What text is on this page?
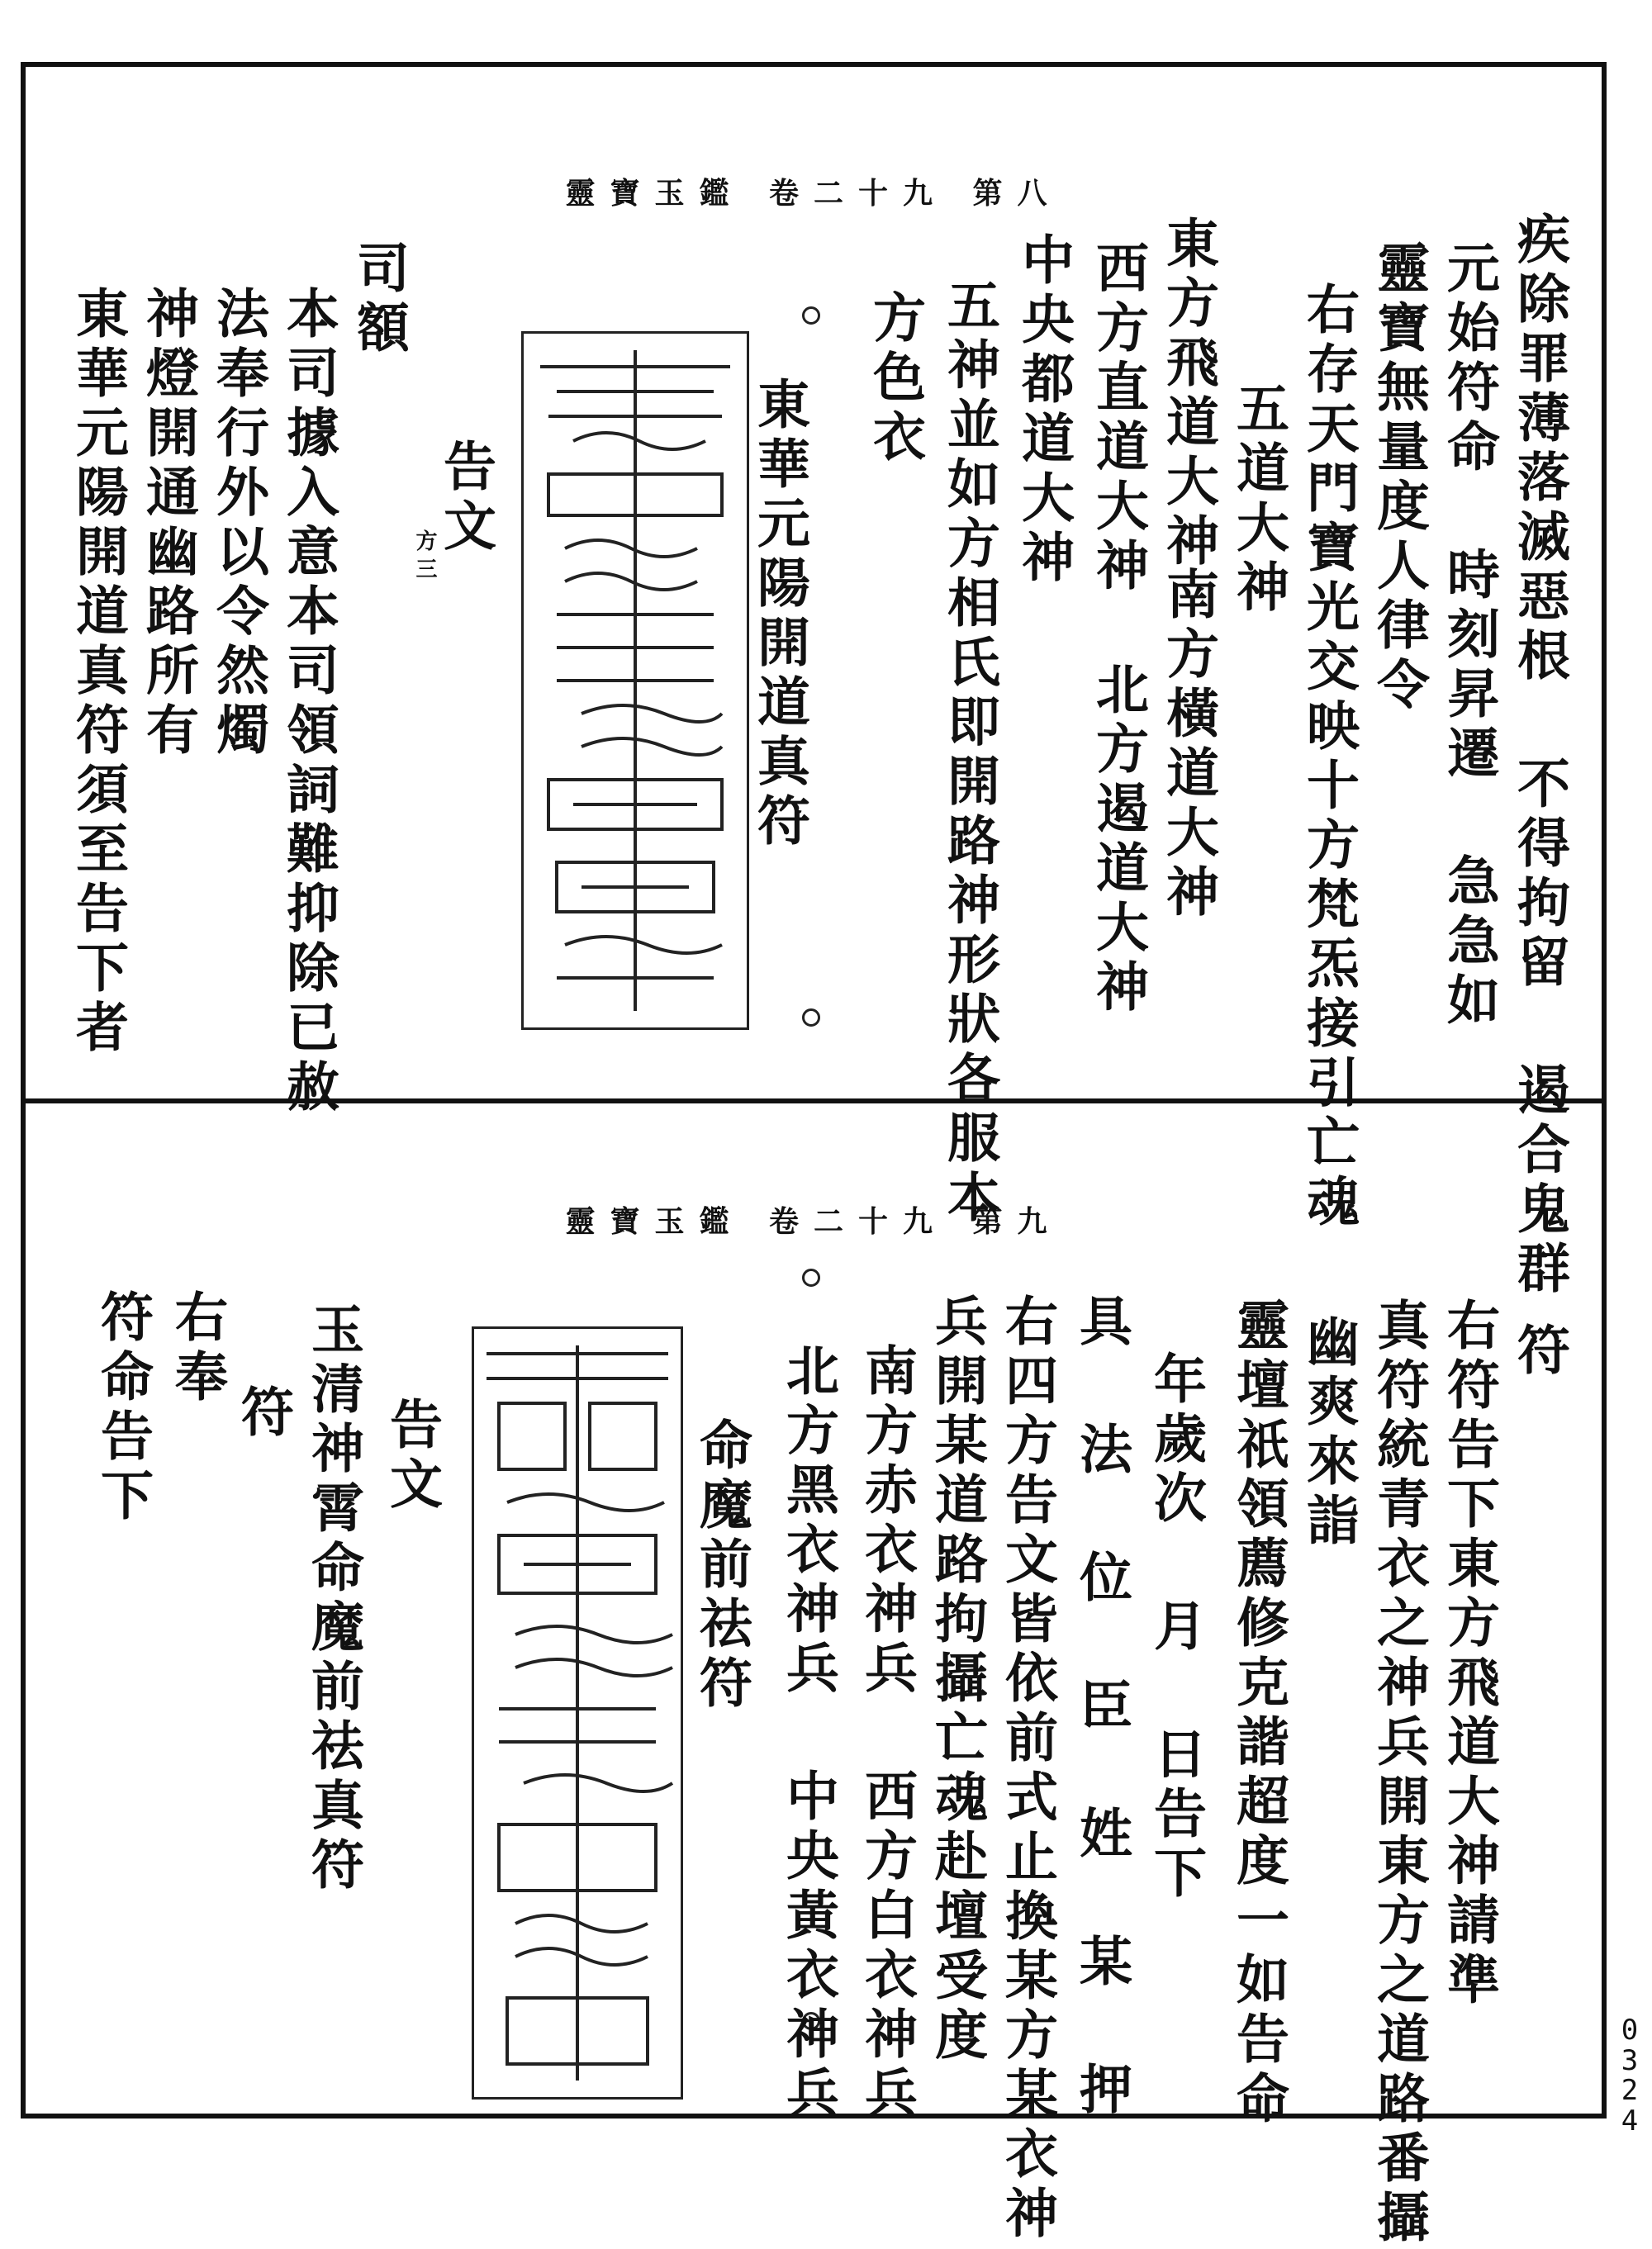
靈寶玉鑑 卷二十九 第八
疾除罪薄落滅惡根 不得拘留 遏合鬼群
元始符命 時刻昇遷 急急如
靈寶無量度人律令
右存天門寶光交映十方梵炁接引亡魂
五道大神
東方飛道大神
南方橫道大神
西方直道大神
北方遏道大神
中央都道大神
五神並如方相氏即開路神形狀各服本
方色衣
東華元陽開道真符
告文
方三
司額
本司據入意本司領詞難抑除已赦
法奉行外以令然燭
神燈開通幽路所有
東華元陽開道真符須至告下者
靈寶玉鑑 卷二十九 第九
符
右符告下東方飛道大神請準
真符統青衣之神兵開東方之道路番攝
幽爽來詣
靈壇祇領薦修克諧超度一如告命
年歲次 月 日告下
具 法 位 臣 姓 某 押
右四方告文皆依前式止換某方某衣神
兵開某道路拘攝亡魂赴壇受度
南方赤衣神兵 西方白衣神兵
北方黑衣神兵 中央黃衣神兵
命魔前祛符
告文
玉清神霄命魔前祛真符
符
右奉
符命告下
0324
